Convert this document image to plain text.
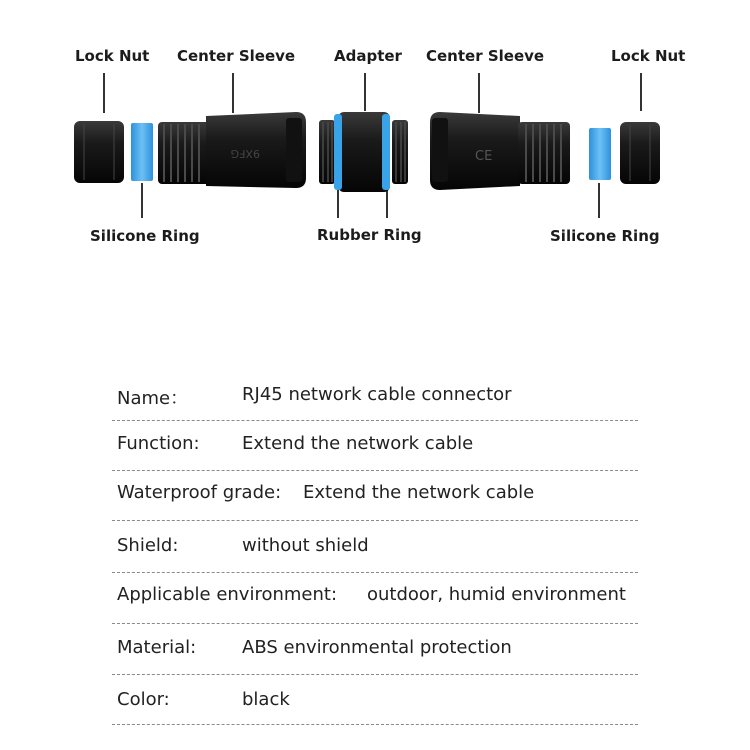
Lock Nut Center Sleeve	Adapter Center Sleeve	Lock Nut
Silicone Ring	Rubber Ring	Silicone Ring
9XFG	CE
Name：	RJ45 network cable connector
Function: Extend the network cable
Waterproof grade: Extend the network cable
Shield:	without shield
Applicable environment: outdoor, humid environment
Material:	ABS environmental protection
Color:	black
